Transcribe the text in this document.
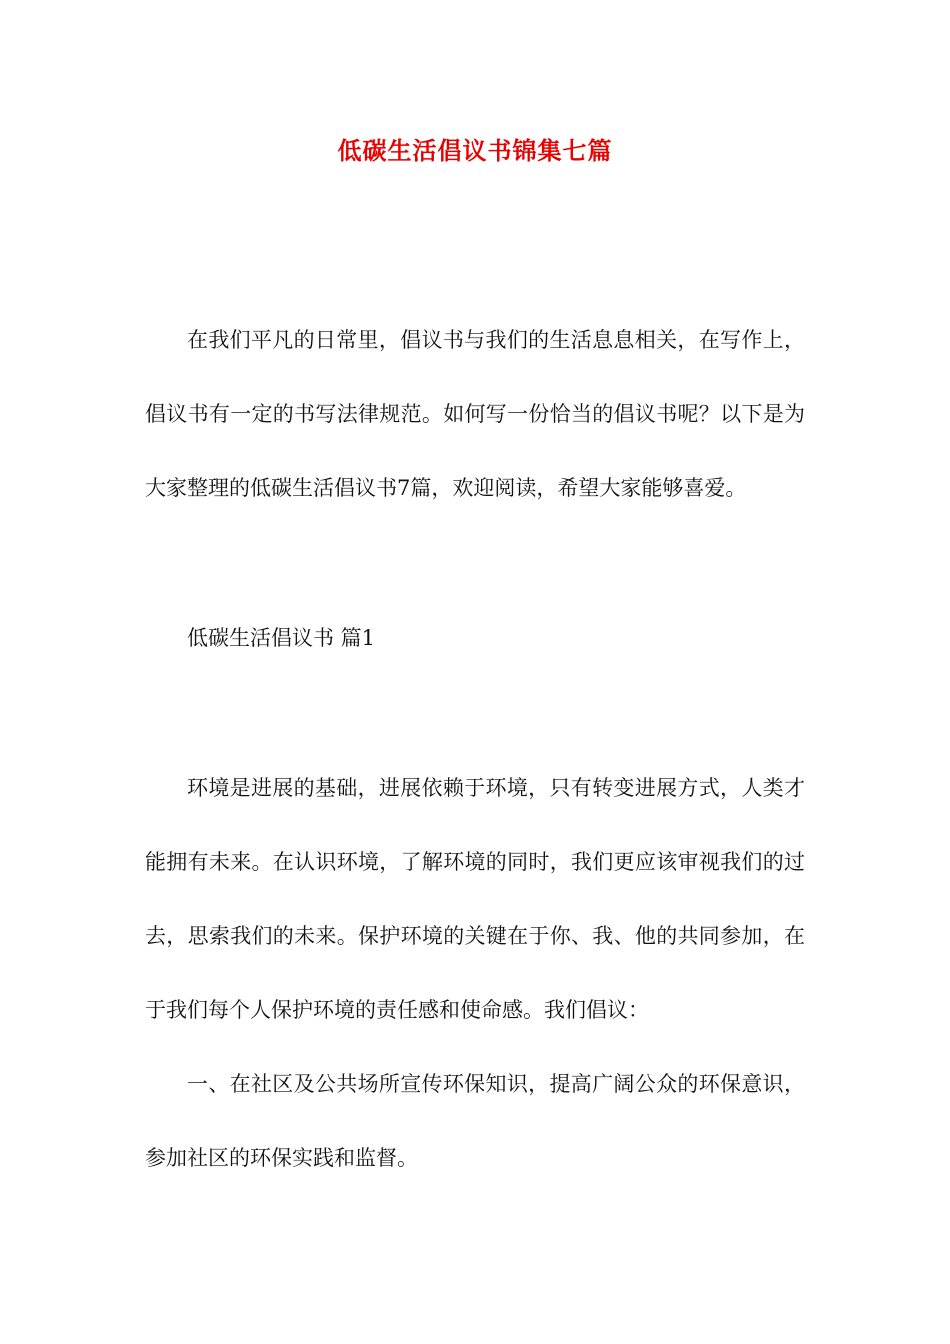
低碳生活倡议书锦集七篇

在我们平凡的日常里，倡议书与我们的生活息息相关，在写作上，倡议书有一定的书写法律规范。如何写一份恰当的倡议书呢？以下是为大家整理的低碳生活倡议书7篇，欢迎阅读，希望大家能够喜爱。

低碳生活倡议书 篇1

环境是进展的基础，进展依赖于环境，只有转变进展方式，人类才能拥有未来。在认识环境，了解环境的同时，我们更应该审视我们的过去，思索我们的未来。保护环境的关键在于你、我、他的共同参加，在于我们每个人保护环境的责任感和使命感。我们倡议：

一、在社区及公共场所宣传环保知识，提高广阔公众的环保意识，参加社区的环保实践和监督。
